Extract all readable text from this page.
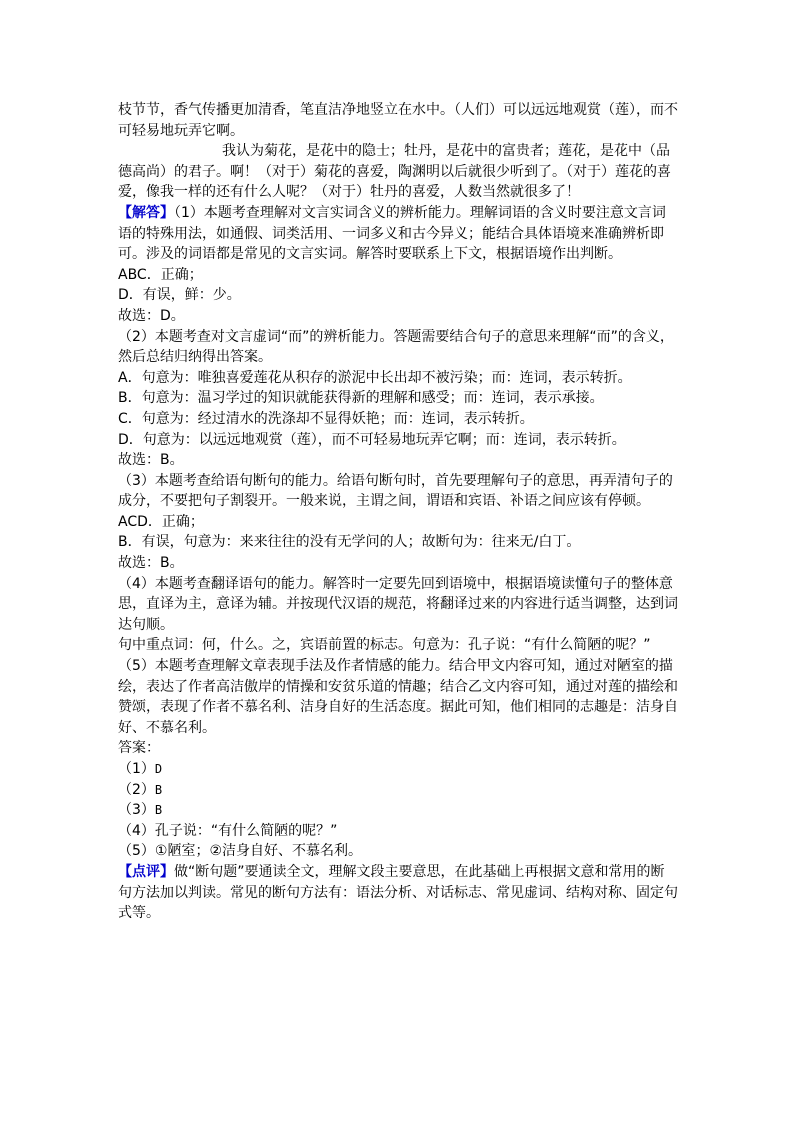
枝节节，香气传播更加清香，笔直洁净地竖立在水中。（人们）可以远远地观赏（莲），而不可轻易地玩弄它啊。

我认为菊花，是花中的隐士；牡丹，是花中的富贵者；莲花，是花中（品德高尚）的君子。啊！（对于）菊花的喜爱，陶渊明以后就很少听到了。（对于）莲花的喜爱，像我一样的还有什么人呢？（对于）牡丹的喜爱，人数当然就很多了！

【解答】（1）本题考查理解对文言实词含义的辨析能力。理解词语的含义时要注意文言词语的特殊用法，如通假、词类活用、一词多义和古今异义；能结合具体语境来准确辨析即可。涉及的词语都是常见的文言实词。解答时要联系上下文，根据语境作出判断。

ABC．正确；

D．有误，鲜：少。

故选：D。

（2）本题考查对文言虚词“而”的辨析能力。答题需要结合句子的意思来理解“而”的含义，然后总结归纳得出答案。

A．句意为：唯独喜爱莲花从积存的淤泥中长出却不被污染；而：连词，表示转折。

B．句意为：温习学过的知识就能获得新的理解和感受；而：连词，表示承接。

C．句意为：经过清水的洗涤却不显得妖艳；而：连词，表示转折。

D．句意为：以远远地观赏（莲），而不可轻易地玩弄它啊；而：连词，表示转折。

故选：B。

（3）本题考查给语句断句的能力。给语句断句时，首先要理解句子的意思，再弄清句子的成分，不要把句子割裂开。一般来说，主谓之间，谓语和宾语、补语之间应该有停顿。

ACD．正确；

B．有误，句意为：来来往往的没有无学问的人；故断句为：往来无/白丁。

故选：B。

（4）本题考查翻译语句的能力。解答时一定要先回到语境中，根据语境读懂句子的整体意思，直译为主，意译为辅。并按现代汉语的规范，将翻译过来的内容进行适当调整，达到词达句顺。

句中重点词：何，什么。之，宾语前置的标志。句意为：孔子说：“有什么简陋的呢？”

（5）本题考查理解文章表现手法及作者情感的能力。结合甲文内容可知，通过对陋室的描绘，表达了作者高洁傲岸的情操和安贫乐道的情趣；结合乙文内容可知，通过对莲的描绘和赞颂，表现了作者不慕名利、洁身自好的生活态度。据此可知，他们相同的志趣是：洁身自好、不慕名利。

答案：

（1）D

（2）B

（3）B

（4）孔子说：“有什么简陋的呢？”

（5）①陋室；②洁身自好、不慕名利。

【点评】做“断句题”要通读全文，理解文段主要意思，在此基础上再根据文意和常用的断句方法加以判读。常见的断句方法有：语法分析、对话标志、常见虚词、结构对称、固定句式等。
